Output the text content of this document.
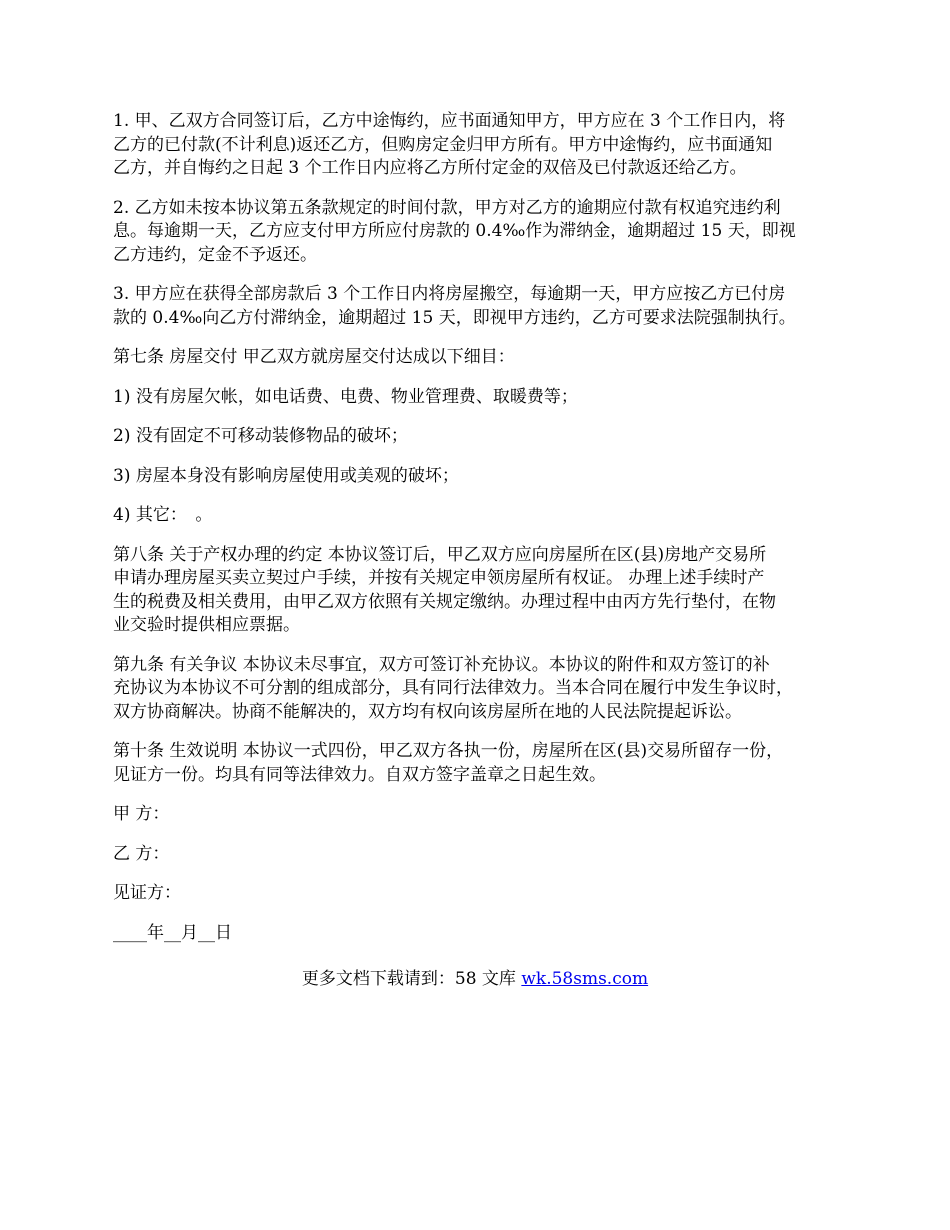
1. 甲、乙双方合同签订后，乙方中途悔约，应书面通知甲方，甲方应在 3 个工作日内，将
乙方的已付款(不计利息)返还乙方，但购房定金归甲方所有。甲方中途悔约，应书面通知
乙方，并自悔约之日起 3 个工作日内应将乙方所付定金的双倍及已付款返还给乙方。
2. 乙方如未按本协议第五条款规定的时间付款，甲方对乙方的逾期应付款有权追究违约利
息。每逾期一天，乙方应支付甲方所应付房款的 0.4‰作为滞纳金，逾期超过 15 天，即视
乙方违约，定金不予返还。
3. 甲方应在获得全部房款后 3 个工作日内将房屋搬空，每逾期一天，甲方应按乙方已付房
款的 0.4‰向乙方付滞纳金，逾期超过 15 天，即视甲方违约，乙方可要求法院强制执行。
第七条 房屋交付 甲乙双方就房屋交付达成以下细目：
1) 没有房屋欠帐，如电话费、电费、物业管理费、取暖费等；
2) 没有固定不可移动装修物品的破坏；
3) 房屋本身没有影响房屋使用或美观的破坏；
4) 其它：　。
第八条 关于产权办理的约定 本协议签订后，甲乙双方应向房屋所在区(县)房地产交易所
申请办理房屋买卖立契过户手续，并按有关规定申领房屋所有权证。 办理上述手续时产
生的税费及相关费用，由甲乙双方依照有关规定缴纳。办理过程中由丙方先行垫付，在物
业交验时提供相应票据。
第九条 有关争议 本协议未尽事宜，双方可签订补充协议。本协议的附件和双方签订的补
充协议为本协议不可分割的组成部分，具有同行法律效力。当本合同在履行中发生争议时，
双方协商解决。协商不能解决的，双方均有权向该房屋所在地的人民法院提起诉讼。
第十条 生效说明 本协议一式四份，甲乙双方各执一份，房屋所在区(县)交易所留存一份，
见证方一份。均具有同等法律效力。自双方签字盖章之日起生效。
甲 方：
乙 方：
见证方：
____年__月__日
更多文档下载请到：58 文库 wk.58sms.com
